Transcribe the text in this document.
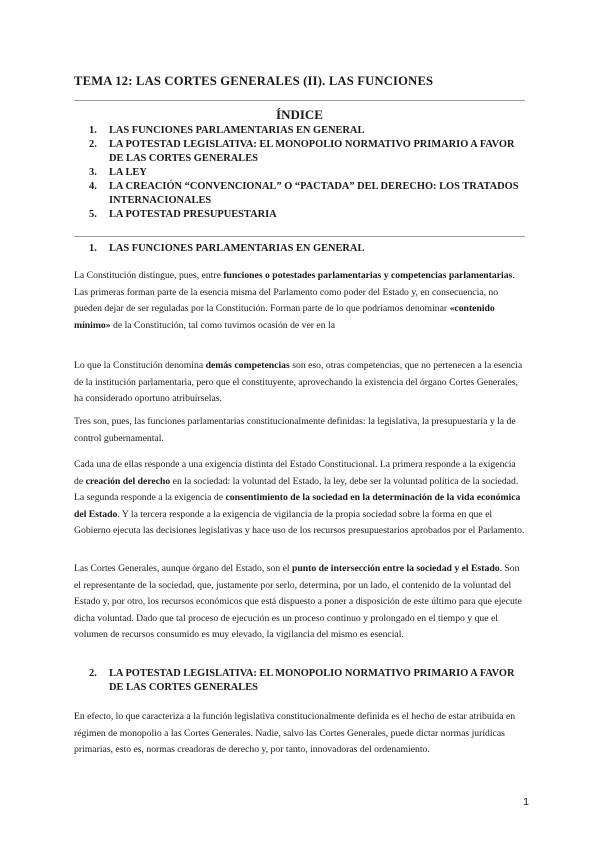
TEMA 12: LAS CORTES GENERALES (II). LAS FUNCIONES
ÍNDICE
1. LAS FUNCIONES PARLAMENTARIAS EN GENERAL
2. LA POTESTAD LEGISLATIVA: EL MONOPOLIO NORMATIVO PRIMARIO A FAVOR DE LAS CORTES GENERALES
3. LA LEY
4. LA CREACIÓN “CONVENCIONAL” O “PACTADA” DEL DERECHO: LOS TRATADOS INTERNACIONALES
5. LA POTESTAD PRESUPUESTARIA
1. LAS FUNCIONES PARLAMENTARIAS EN GENERAL

La Constitución distingue, pues, entre funciones o potestades parlamentarias y competencias parlamentarias. Las primeras forman parte de la esencia misma del Parlamento como poder del Estado y, en consecuencia, no pueden dejar de ser reguladas por la Constitución. Forman parte de lo que podríamos denominar «contenido mínimo» de la Constitución, tal como tuvimos ocasión de ver en la

Lo que la Constitución denomina demás competencias son eso, otras competencias, que no pertenecen a la esencia de la institución parlamentaria, pero que el constituyente, aprovechando la existencia del órgano Cortes Generales, ha considerado oportuno atribuírselas.

Tres son, pues, las funciones parlamentarias constitucionalmente definidas: la legislativa, la presupuestaria y la de control gubernamental.

Cada una de ellas responde a una exigencia distinta del Estado Constitucional. La primera responde a la exigencia de creación del derecho en la sociedad: la voluntad del Estado, la ley, debe ser la voluntad política de la sociedad. La segunda responde a la exigencia de consentimiento de la sociedad en la determinación de la vida económica del Estado. Y la tercera responde a la exigencia de vigilancia de la propia sociedad sobre la forma en que el Gobierno ejecuta las decisiones legislativas y hace uso de los recursos presupuestarios aprobados por el Parlamento.

Las Cortes Generales, aunque órgano del Estado, son el punto de intersección entre la sociedad y el Estado. Son el representante de la sociedad, que, justamente por serlo, determina, por un lado, el contenido de la voluntad del Estado y, por otro, los recursos económicos que está dispuesto a poner a disposición de este último para que ejecute dicha voluntad. Dado que tal proceso de ejecución es un proceso continuo y prolongado en el tiempo y que el volumen de recursos consumido es muy elevado, la vigilancia del mismo es esencial.

2. LA POTESTAD LEGISLATIVA: EL MONOPOLIO NORMATIVO PRIMARIO A FAVOR DE LAS CORTES GENERALES

En efecto, lo que caracteriza a la función legislativa constitucionalmente definida es el hecho de estar atribuida en régimen de monopolio a las Cortes Generales. Nadie, salvo las Cortes Generales, puede dictar normas jurídicas primarias, esto es, normas creadoras de derecho y, por tanto, innovadoras del ordenamiento.

1
